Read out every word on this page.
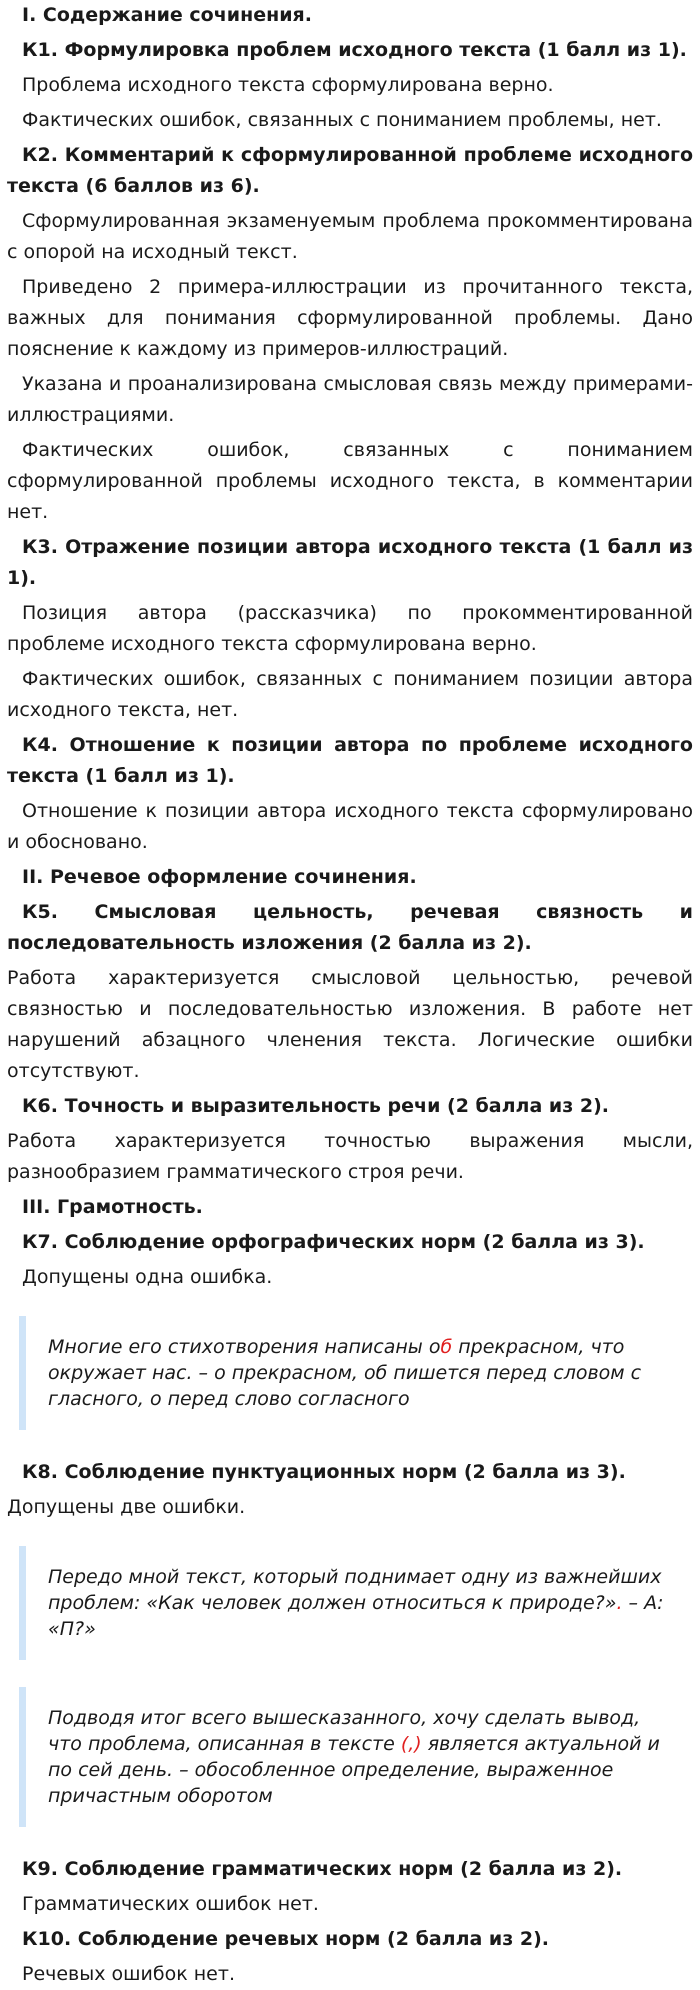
I. Содержание сочинения.

К1. Формулировка проблем исходного текста (1 балл из 1).

Проблема исходного текста сформулирована верно.

Фактических ошибок, связанных с пониманием проблемы, нет.

К2. Комментарий к сформулированной проблеме исходного текста (6 баллов из 6).

Сформулированная экзаменуемым проблема прокомментирована с опорой на исходный текст.

Приведено 2 примера-иллюстрации из прочитанного текста, важных для понимания сформулированной проблемы. Дано пояснение к каждому из примеров-иллюстраций.

Указана и проанализирована смысловая связь между примерами-иллюстрациями.

Фактических ошибок, связанных с пониманием сформулированной проблемы исходного текста, в комментарии нет.

К3. Отражение позиции автора исходного текста (1 балл из 1).

Позиция автора (рассказчика) по прокомментированной проблеме исходного текста сформулирована верно.

Фактических ошибок, связанных с пониманием позиции автора исходного текста, нет.

К4. Отношение к позиции автора по проблеме исходного текста (1 балл из 1).

Отношение к позиции автора исходного текста сформулировано и обосновано.

II. Речевое оформление сочинения.

К5. Смысловая цельность, речевая связность и последовательность изложения (2 балла из 2).

Работа характеризуется смысловой цельностью, речевой связностью и последовательностью изложения. В работе нет нарушений абзацного членения текста. Логические ошибки отсутствуют.

К6. Точность и выразительность речи (2 балла из 2).

Работа характеризуется точностью выражения мысли, разнообразием грамматического строя речи.

III. Грамотность.

К7. Соблюдение орфографических норм (2 балла из 3).

Допущены одна ошибка.

Многие его стихотворения написаны об прекрасном, что окружает нас. – о прекрасном, об пишется перед словом с гласного, о перед слово согласного

К8. Соблюдение пунктуационных норм (2 балла из 3).

Допущены две ошибки.

Передо мной текст, который поднимает одну из важнейших проблем: «Как человек должен относиться к природе?». – А: «П?»
Подводя итог всего вышесказанного, хочу сделать вывод, что проблема, описанная в тексте (,) является актуальной и по сей день. – обособленное определение, выраженное причастным оборотом

К9. Соблюдение грамматических норм (2 балла из 2).

Грамматических ошибок нет.

К10. Соблюдение речевых норм (2 балла из 2).

Речевых ошибок нет.
